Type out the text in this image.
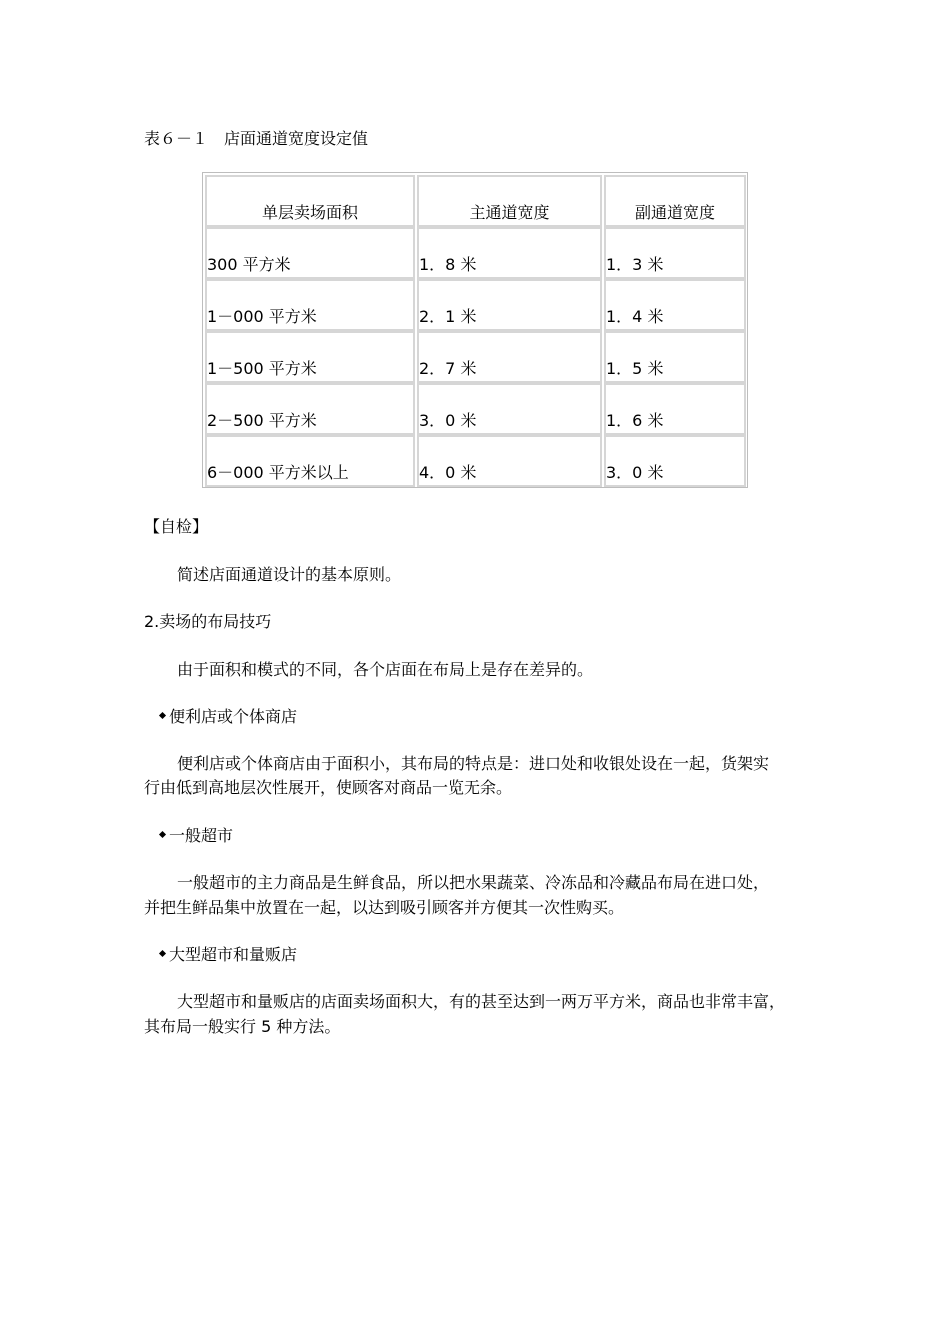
表６－１　店面通道宽度设定值
单层卖场面积	主通道宽度	副通道宽度
300 平方米	1．8 米	1．3 米
1－000 平方米	2．1 米	1．4 米
1－500 平方米	2．7 米	1．5 米
2－500 平方米	3．0 米	1．6 米
6－000 平方米以上	4．0 米	3．0 米
【自检】
简述店面通道设计的基本原则。
2.卖场的布局技巧
由于面积和模式的不同，各个店面在布局上是存在差异的。
便利店或个体商店
便利店或个体商店由于面积小，其布局的特点是：进口处和收银处设在一起，货架实
行由低到高地层次性展开，使顾客对商品一览无余。
一般超市
一般超市的主力商品是生鲜食品，所以把水果蔬菜、冷冻品和冷藏品布局在进口处，
并把生鲜品集中放置在一起，以达到吸引顾客并方便其一次性购买。
大型超市和量贩店
大型超市和量贩店的店面卖场面积大，有的甚至达到一两万平方米，商品也非常丰富，
其布局一般实行 5 种方法。
